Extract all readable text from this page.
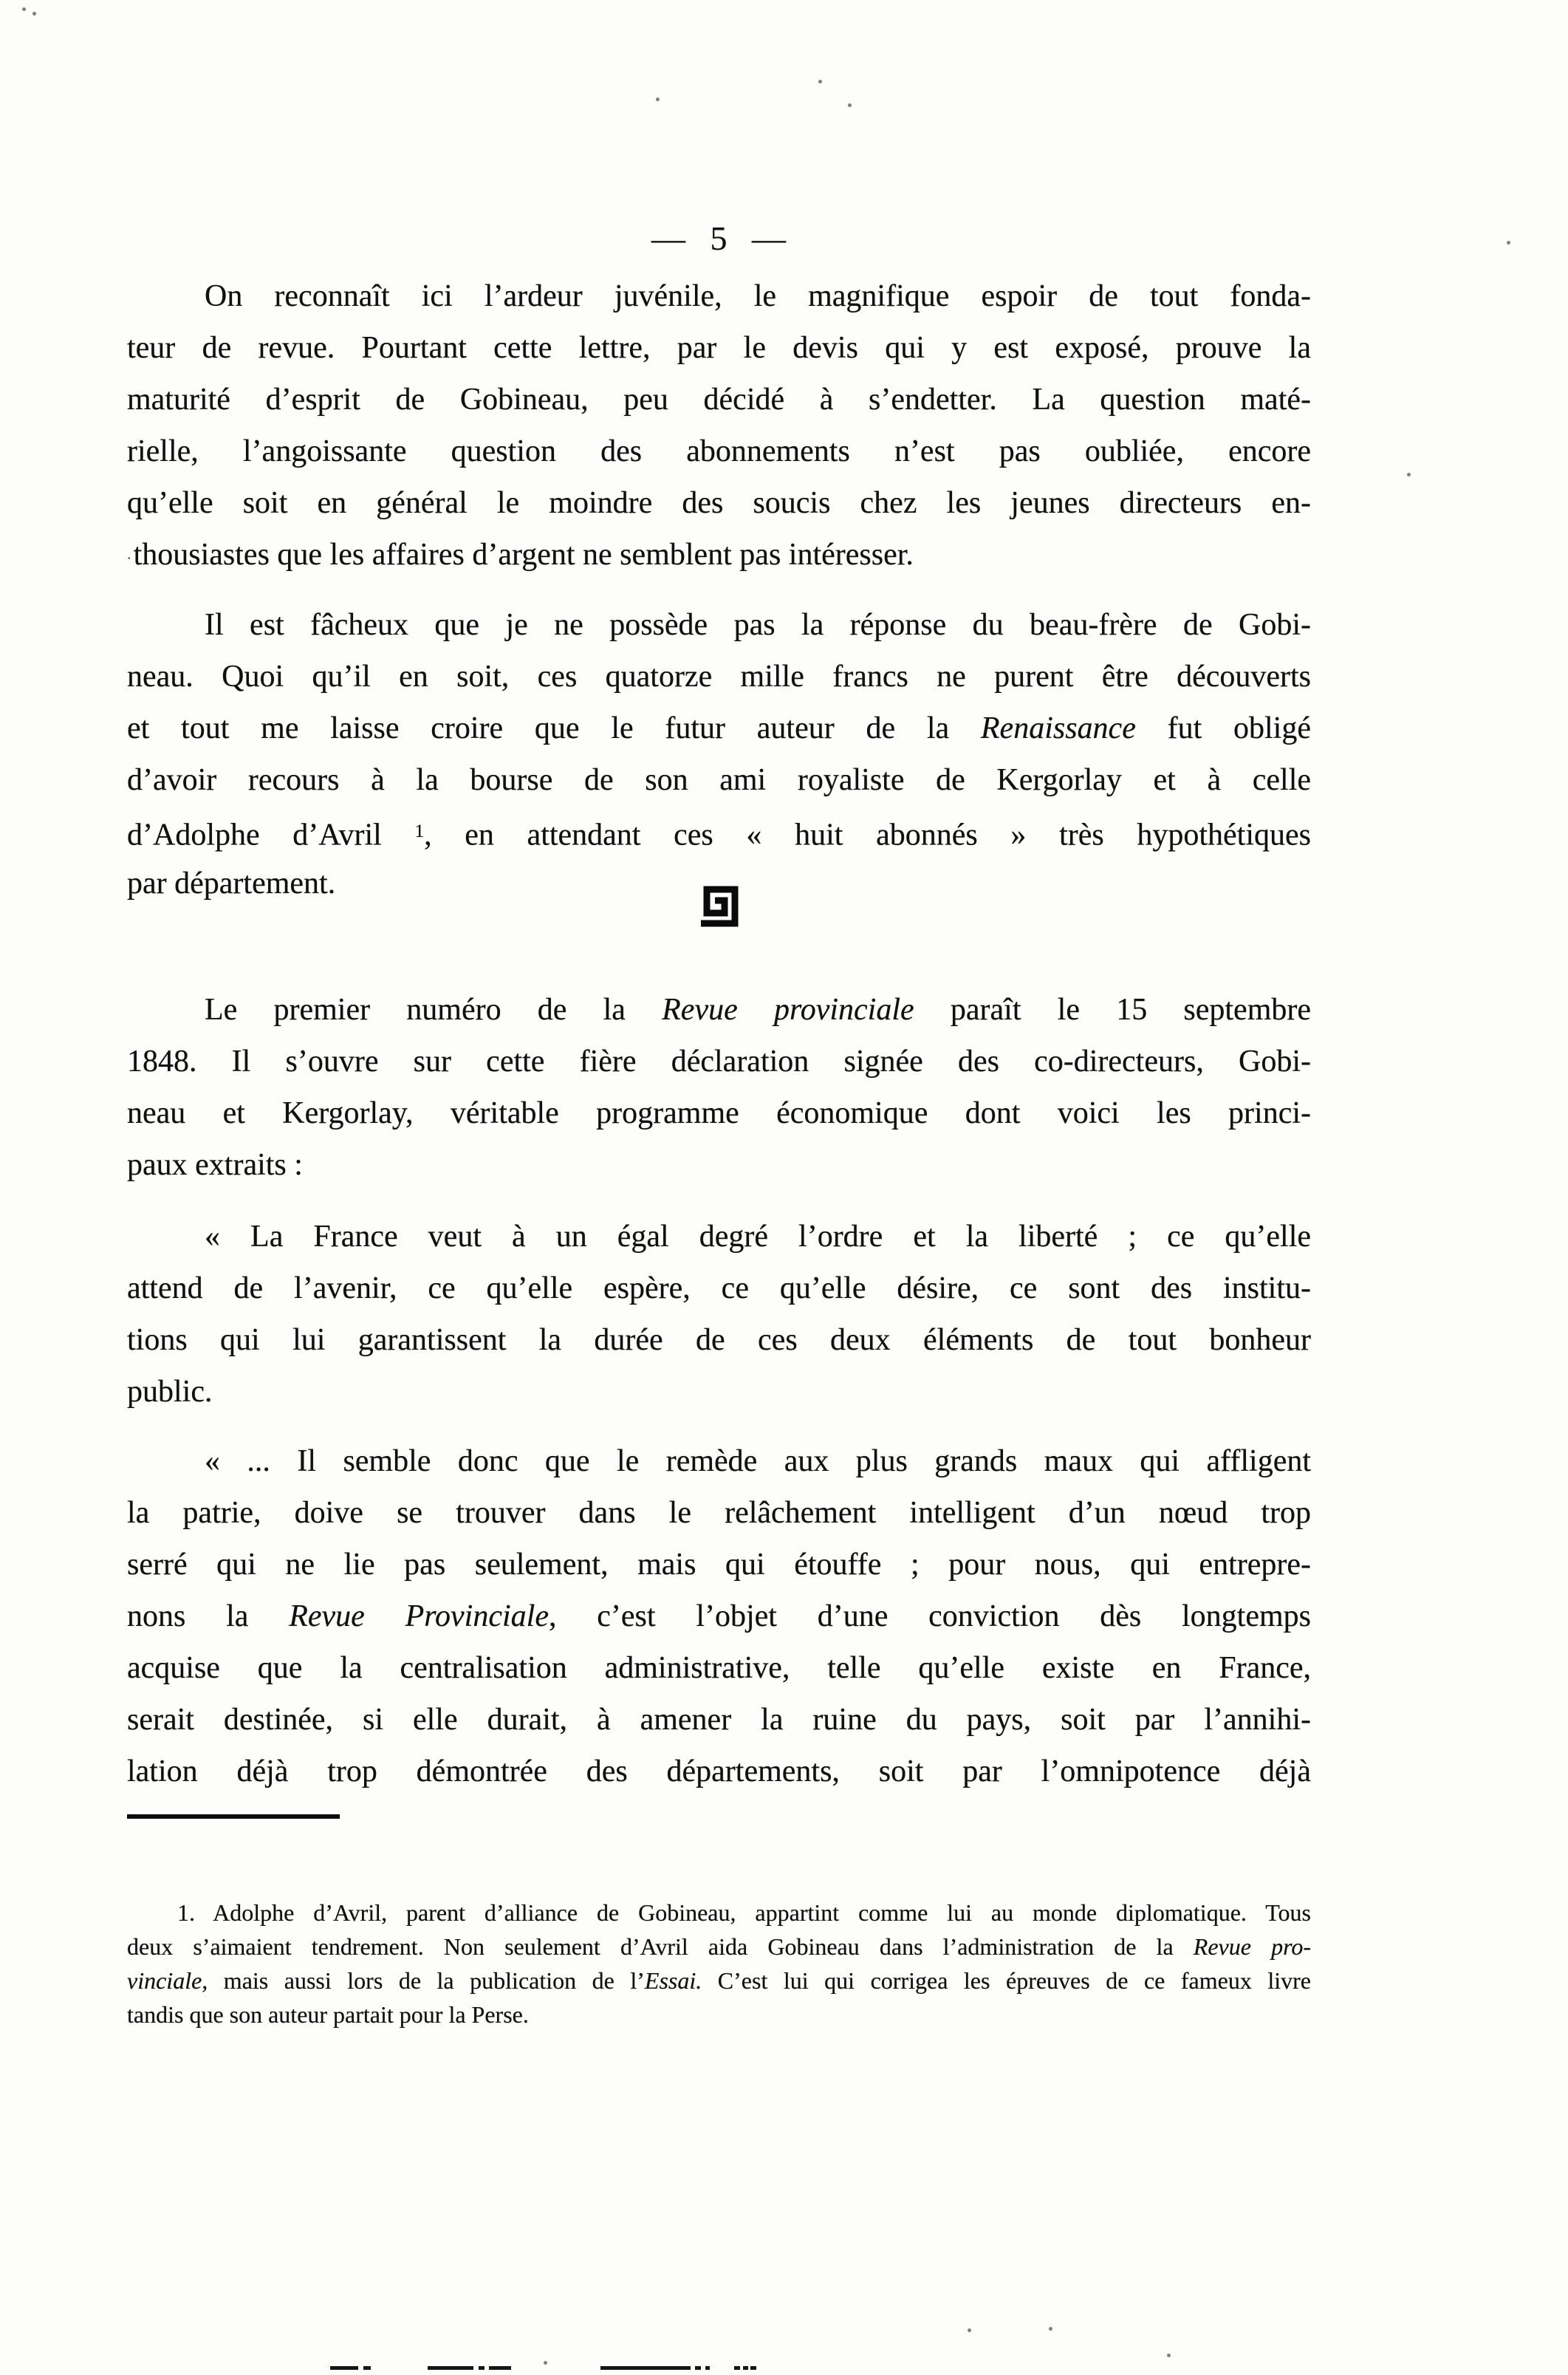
— 5 —
On reconnaît ici l’ardeur juvénile, le magnifique espoir de tout fonda-
teur de revue. Pourtant cette lettre, par le devis qui y est exposé, prouve la
maturité d’esprit de Gobineau, peu décidé à s’endetter. La question maté-
rielle, l’angoissante question des abonnements n’est pas oubliée, encore
qu’elle soit en général le moindre des soucis chez les jeunes directeurs en-
·thousiastes que les affaires d’argent ne semblent pas intéresser.
Il est fâcheux que je ne possède pas la réponse du beau-frère de Gobi-
neau. Quoi qu’il en soit, ces quatorze mille francs ne purent être découverts
et tout me laisse croire que le futur auteur de la Renaissance fut obligé
d’avoir recours à la bourse de son ami royaliste de Kergorlay et à celle
d’Adolphe d’Avril $^1$, en attendant ces « huit abonnés » très hypothétiques
par département.
Le premier numéro de la Revue provinciale paraît le 15 septembre
1848. Il s’ouvre sur cette fière déclaration signée des co-directeurs, Gobi-
neau et Kergorlay, véritable programme économique dont voici les princi-
paux extraits :
« La France veut à un égal degré l’ordre et la liberté ; ce qu’elle
attend de l’avenir, ce qu’elle espère, ce qu’elle désire, ce sont des institu-
tions qui lui garantissent la durée de ces deux éléments de tout bonheur
public.
« ... Il semble donc que le remède aux plus grands maux qui affligent
la patrie, doive se trouver dans le relâchement intelligent d’un nœud trop
serré qui ne lie pas seulement, mais qui étouffe ; pour nous, qui entrepre-
nons la Revue Provinciale, c’est l’objet d’une conviction dès longtemps
acquise que la centralisation administrative, telle qu’elle existe en France,
serait destinée, si elle durait, à amener la ruine du pays, soit par l’annihi-
lation déjà trop démontrée des départements, soit par l’omnipotence déjà
1. Adolphe d’Avril, parent d’alliance de Gobineau, appartint comme lui au monde diplomatique. Tous
deux s’aimaient tendrement. Non seulement d’Avril aida Gobineau dans l’administration de la Revue pro-
vinciale, mais aussi lors de la publication de l’Essai. C’est lui qui corrigea les épreuves de ce fameux livre
tandis que son auteur partait pour la Perse.
